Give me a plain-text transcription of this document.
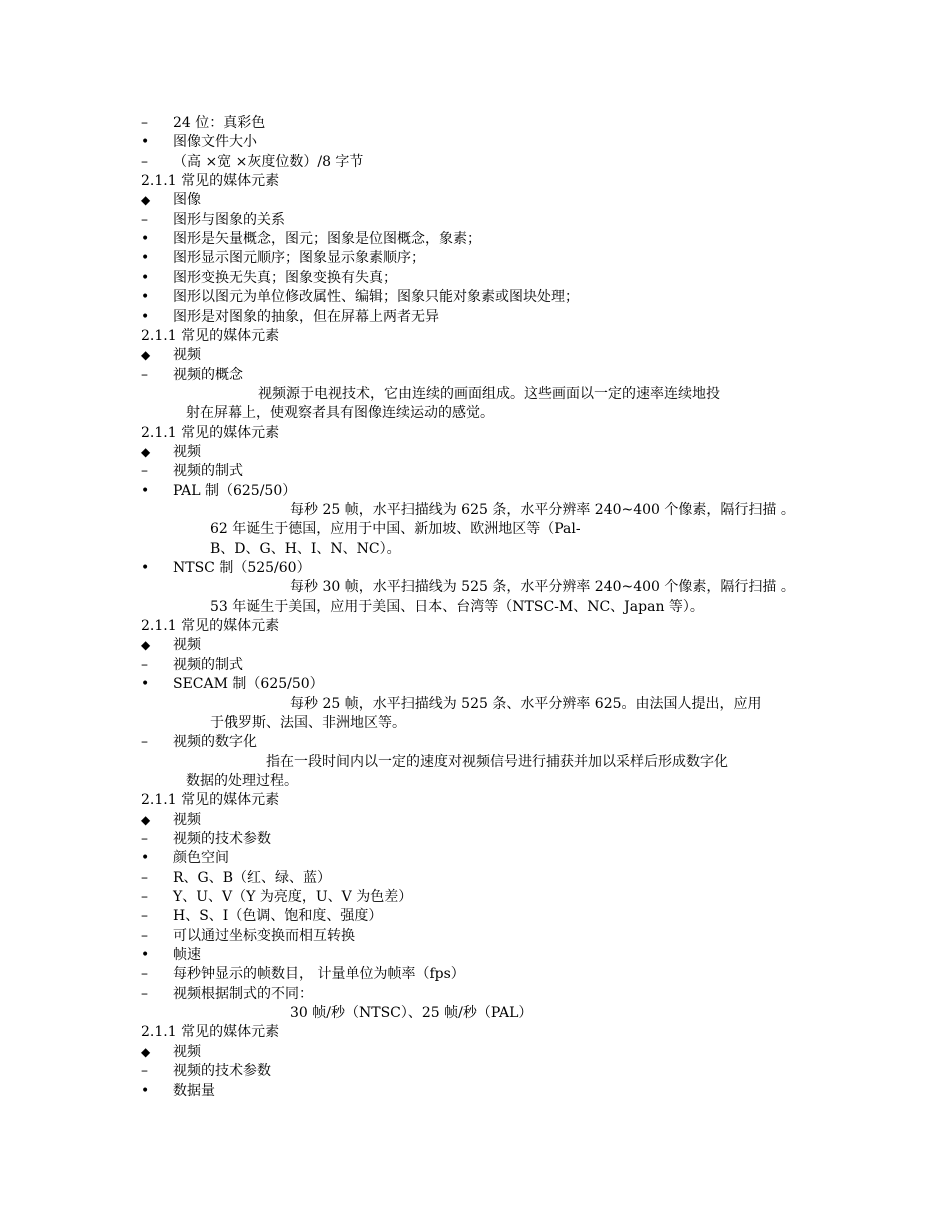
–	24 位：真彩色
•	图像文件大小
–	（高 ×宽 ×灰度位数）/8 字节
2.1.1 常见的媒体元素
◆	图像
–	图形与图象的关系
•	图形是矢量概念，图元；图象是位图概念，象素；
•	图形显示图元顺序；图象显示象素顺序；
•	图形变换无失真；图象变换有失真；
•	图形以图元为单位修改属性、编辑；图象只能对象素或图块处理；
•	图形是对图象的抽象，但在屏幕上两者无异
2.1.1 常见的媒体元素
◆	视频
–	视频的概念
视频源于电视技术，它由连续的画面组成。这些画面以一定的速率连续地投
射在屏幕上，使观察者具有图像连续运动的感觉。
2.1.1 常见的媒体元素
◆	视频
–	视频的制式
•	PAL 制（625/50）
每秒 25 帧，水平扫描线为 625 条，水平分辨率 240~400 个像素，隔行扫描 。
62 年诞生于德国，应用于中国、新加坡、欧洲地区等（Pal-
B、D、G、H、I、N、NC）。
•	NTSC 制（525/60）
每秒 30 帧，水平扫描线为 525 条，水平分辨率 240~400 个像素，隔行扫描 。
53 年诞生于美国，应用于美国、日本、台湾等（NTSC-M、NC、Japan 等）。
2.1.1 常见的媒体元素
◆	视频
–	视频的制式
•	SECAM 制（625/50）
每秒 25 帧，水平扫描线为 525 条、水平分辨率 625。由法国人提出，应用
于俄罗斯、法国、非洲地区等。
–	视频的数字化
指在一段时间内以一定的速度对视频信号进行捕获并加以采样后形成数字化
数据的处理过程。
2.1.1 常见的媒体元素
◆	视频
–	视频的技术参数
•	颜色空间
–	R、G、B（红、绿、蓝）
–	Y、U、V（Y 为亮度，U、V 为色差）
–	H、S、I（色调、饱和度、强度）
–	可以通过坐标变换而相互转换
•	帧速
–	每秒钟显示的帧数目， 计量单位为帧率（fps）
–	视频根据制式的不同：
30 帧/秒（NTSC）、25 帧/秒（PAL）
2.1.1 常见的媒体元素
◆	视频
–	视频的技术参数
•	数据量
